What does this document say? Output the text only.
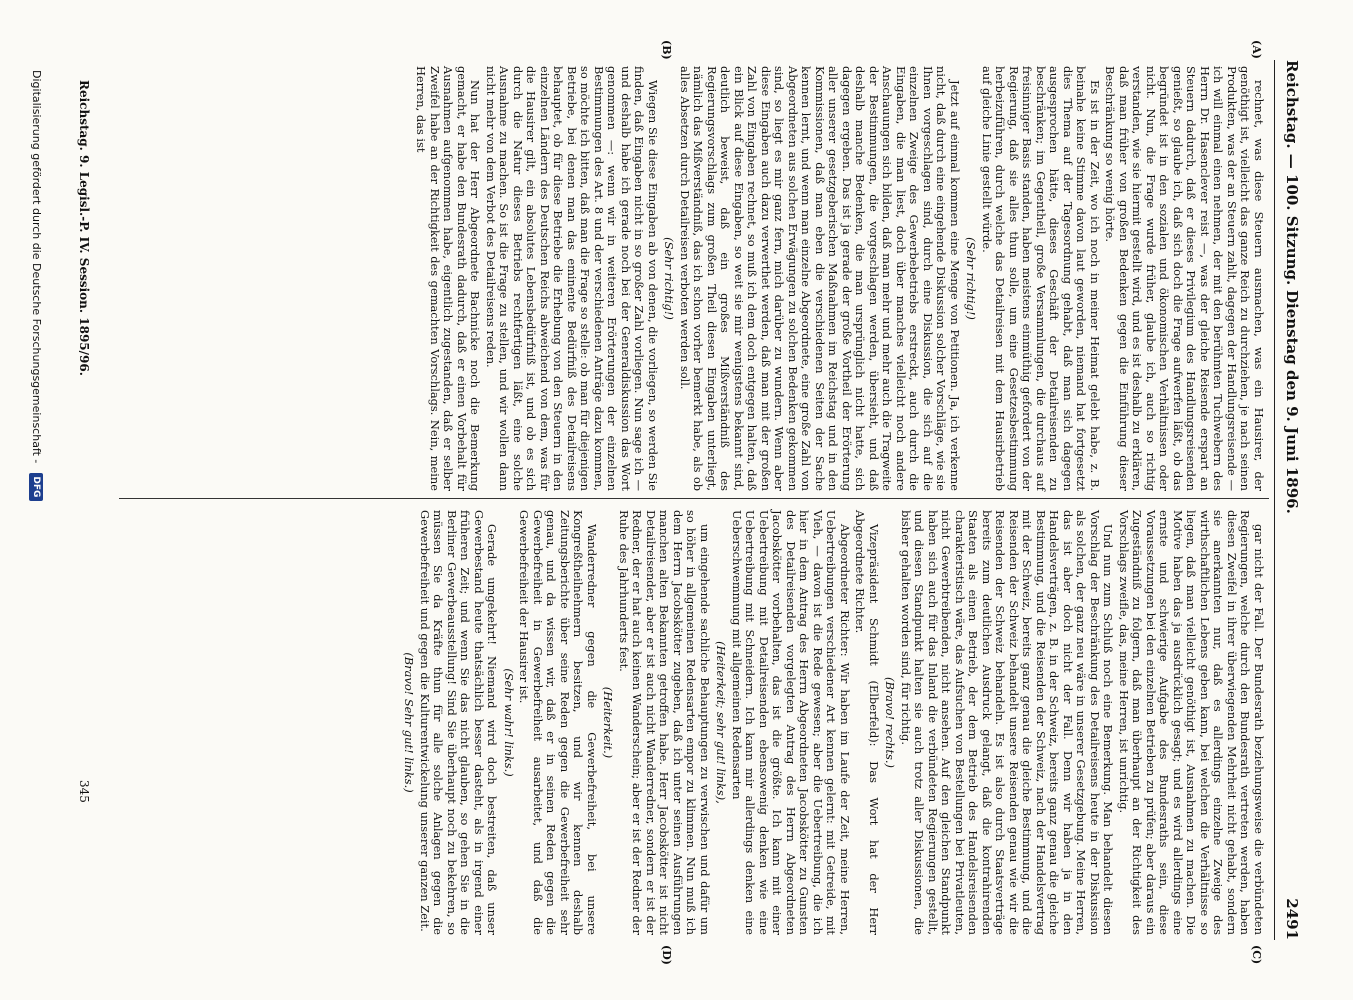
Reichstag. — 100. Sitzung.
Dienstag den 9. Juni 1896.
2491
(A)
(B)
(C)
(D)

rechnet, was diese Steuern ausmachen, was ein Hausirer, der genöthigt ist, vielleicht das ganze Reich zu durchziehen, je nach seinen Produkten, was der an Steuern zahlt, dagegen der Handlungsreisende — ich will einmal einen nehmen, der mit den berühmten Tuchwebern des Herrn Dr. Hasenclever reist —, was der gleiche Reisende erspart an Steuern dadurch, daß er dieses Privilegium des Handlungsreisenden genießt, so glaube ich, daß sich doch die Frage aufwerfen läßt, ob das begründet ist in den sozialen und ökonomischen Verhältnissen oder nicht. Nun, die Frage wurde früher, glaube ich, auch so richtig verstanden, wie sie hiermit gestellt wird, und es ist deshalb zu erklären, daß man früher von großen Bedenken gegen die Einführung dieser Beschränkung so wenig hörte.

Es ist in der Zeit, wo ich noch in meiner Heimat gelebt habe, z. B. beinahe keine Stimme davon laut geworden, niemand hat fortgesetzt dies Thema auf der Tagesordnung gehabt, daß man sich dagegen ausgesprochen hätte, dieses Geschäft der Detailreisenden zu beschränken; im Gegentheil, große Versammlungen, die durchaus auf freisinniger Basis standen, haben meistens einmüthig gefordert von der Regierung, daß sie alles thun solle, um eine Gesetzesbestimmung herbeizuführen, durch welche das Detailreisen mit dem Hausirbetrieb auf gleiche Linie gestellt würde.

(Sehr richtig!)

Jetzt auf einmal kommen eine Menge von Petitionen. Ja, ich verkenne nicht, daß durch eine eingehende Diskussion solcher Vorschläge, wie sie Ihnen vorgeschlagen sind, durch eine Diskussion, die sich auf die einzelnen Zweige des Gewerbebetriebs erstreckt, auch durch die Eingaben, die man liest, doch über manches vielleicht noch andere Anschauungen sich bilden, daß man mehr und mehr auch die Tragweite der Bestimmungen, die vorgeschlagen werden, übersieht, und daß deshalb manche Bedenken, die man ursprünglich nicht hatte, sich dagegen ergeben. Das ist ja gerade der große Vortheil der Erörterung aller unserer gesetzgeberischen Maßnahmen im Reichstag und in den Kommissionen, daß man eben die verschiedenen Seiten der Sache kennen lernt, und wenn man einzelne Abgeordnete, eine große Zahl von Abgeordneten aus solchen Erwägungen zu solchen Bedenken gekommen sind, so liegt es mir ganz fern, mich darüber zu wundern. Wenn aber diese Eingaben auch dazu verwerthet werden, daß man mit der großen Zahl von Eingaben rechnet, so muß ich dem doch entgegen halten, daß ein Blick auf diese Eingaben, so weit sie mir wenigstens bekannt sind, deutlich beweist, daß ein großes Mißverständniß des Regierungsvorschlags zum großen Theil diesen Eingaben unterliegt, nämlich das Mißverständniß, das ich schon vorher bemerkt habe, als ob alles Absetzen durch Detailreisen verboten werden soll.

(Sehr richtig!)

Wiegen Sie diese Eingaben ab von denen, die vorliegen, so werden Sie finden, daß Eingaben nicht in so großer Zahl vorliegen. Nun sage ich — und deshalb habe ich gerade noch bei der Generaldiskussion das Wort genommen —: wenn wir in weiteren Erörterungen der einzelnen Bestimmungen des Art. 8 und der verschiedenen Anträge dazu kommen, so möchte ich bitten, daß man die Frage so stelle: ob man für diejenigen Betriebe, bei denen man das eminente Bedürfniß des Detailreisens behauptet, ob für diese Betriebe die Erhebung von den Steuern in den einzelnen Ländern des Deutschen Reichs abweichend von dem, was für die Hausirer gilt, ein absolutes Lebensbedürfniß ist, und ob es sich durch die Natur dieses Betriebs rechtfertigen läßt, eine solche Ausnahme zu machen. So ist die Frage zu stellen, und wir wollen dann nicht mehr von dem Verbot des Detailreisens reden.

Nun hat der Herr Abgeordnete Bachnicke noch die Bemerkung gemacht, er habe den Bundesrath dadurch, daß er einen Vorbehalt für Ausnahmen aufgenommen habe, eigentlich zugestanden, daß er selber Zweifel habe an der Richtigkeit des gemachten Vorschlags. Nein, meine Herren, das ist

gar nicht der Fall. Der Bundesrath beziehungsweise die verbündeten Regierungen, welche durch den Bundesrath vertreten werden, haben diesen Zweifel in ihrer überwiegenden Mehrheit nicht gehabt, sondern sie anerkannten nur, daß es allerdings einzelne Zweige des wirthschaftlichen Lebens geben kann, bei welchen die Verhältnisse so liegen, daß man vielleicht genöthigt ist, Ausnahmen zu machen. Die Motive haben das ja ausdrücklich gesagt; und es wird allerdings eine ernste und schwierige Aufgabe des Bundesraths sein, diese Voraussetzungen bei den einzelnen Betrieben zu prüfen; aber daraus ein Zugeständniß zu folgern, daß man überhaupt an der Richtigkeit des Vorschlags zweifle, das, meine Herren, ist unrichtig.

Und nun zum Schluß noch eine Bemerkung. Man behandelt diesen Vorschlag der Beschränkung des Detailreisens heute in der Diskussion als solchen, der ganz neu wäre in unserer Gesetzgebung. Meine Herren, das ist aber doch nicht der Fall. Denn wir haben ja in den Handelsverträgen, z. B. in der Schweiz, bereits ganz genau die gleiche Bestimmung, und die Reisenden der Schweiz, nach der Handelsvertrag mit der Schweiz, bereits ganz genau die gleiche Bestimmung, und die Reisenden der Schweiz behandelt unsere Reisenden genau wie wir die Reisenden der Schweiz behandeln. Es ist also durch Staatsverträge bereits zum deutlichen Ausdruck gelangt, daß die kontrahirenden Staaten als einen Betrieb, der dem Betrieb des Handelsreisenden charakteristisch wäre, das Aufsuchen von Bestellungen bei Privatleuten, nicht Gewerbtreibenden, nicht ansehen. Auf den gleichen Standpunkt haben sich auch für das Inland die verbündeten Regierungen gestellt, und diesen Standpunkt halten sie auch trotz aller Diskussionen, die bisher gehalten worden sind, für richtig.

(Bravo! rechts.)

Vizepräsident Schmidt (Elberfeld): Das Wort hat der Herr Abgeordnete Richter.

Abgeordneter Richter: Wir haben im Laufe der Zeit, meine Herren, Uebertreibungen verschiedener Art kennen gelernt: mit Getreide, mit Vieh, — davon ist die Rede gewesen; aber die Uebertreibung, die ich hier in dem Antrag des Herrn Abgeordneten Jacobskötter zu Gunsten des Detailreisenden vorgelegten Antrag des Herrn Abgeordneten Jacobskötter vorbehalten, das ist die größte. Ich kann mit einer Uebertreibung mit Detailreisenden ebensowenig denken wie eine Uebertreibung mit Schneidern. Ich kann mir allerdings denken eine Ueberschwemmung mit allgemeinen Redensarten

(Heiterkeit; sehr gut! links),

um eingehende sachliche Behauptungen zu verwischen und dafür um so höher in allgemeinen Redensarten empor zu klimmen. Nun muß ich dem Herrn Jacobskötter zugeben, daß ich unter seinen Ausführungen manchen alten Bekannten getroffen habe. Herr Jacobskötter ist nicht Detailreisender, aber er ist auch nicht Wanderredner, sondern er ist der Redner, der er hat auch keinen Wanderschein; aber er ist der Redner der Ruhe des Jahrhunderts fest.

(Heiterkeit.)

Wanderredner gegen die Gewerbefreiheit, bei unsere Kongreßtheilnehmern besitzen, und wir kennen deshalb Zeitungsberichte über seine Reden gegen die Gewerbefreiheit sehr genau, und da wissen wir, daß er in seinen Reden gegen die Gewerbefreiheit in Gewerbefreiheit ausarbeitet, und daß die Gewerbefreiheit der Hausirer ist.

(Sehr wahr! links.)

Gerade umgekehrt! Niemand wird doch bestreiten, daß unser Gewerbestand heute thatsächlich besser dasteht, als in irgend einer früheren Zeit; und wenn Sie das nicht glauben, so gehen Sie in die Berliner Gewerbeausstellung! Sind Sie überhaupt noch zu bekehren, so müssen Sie da Kräfte thun für alle solche Anlagen gegen die Gewerbefreiheit und gegen die Kulturentwickelung unserer ganzen Zeit.

(Bravo! Sehr gut! links.)

Reichstag. 9. Legisl.-P. IV. Session. 1895/96.
345
Digitalisierung gefördert durch die Deutsche Forschungsgemeinschaft - DFG
